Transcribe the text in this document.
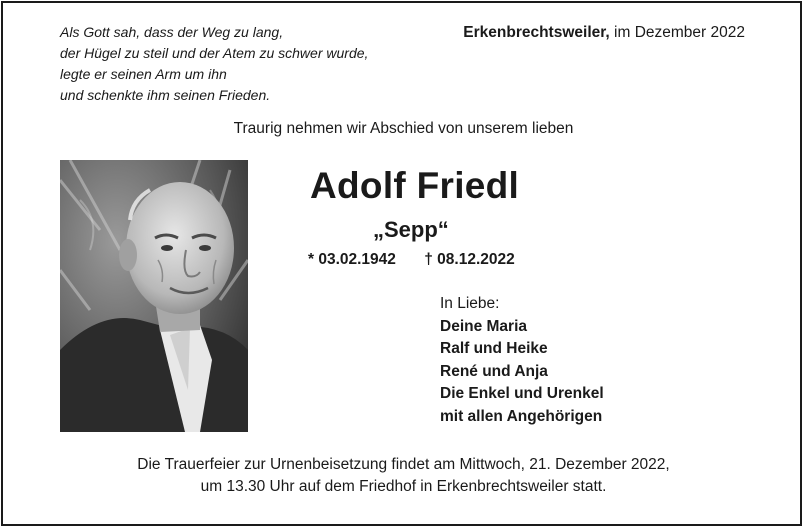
Als Gott sah, dass der Weg zu lang,
der Hügel zu steil und der Atem zu schwer wurde,
legte er seinen Arm um ihn
und schenkte ihm seinen Frieden.
Erkenbrechtsweiler, im Dezember 2022
Traurig nehmen wir Abschied von unserem lieben
Adolf Friedl
„Sepp“
* 03.02.1942 † 08.12.2022
In Liebe:
Deine Maria
Ralf und Heike
René und Anja
Die Enkel und Urenkel
mit allen Angehörigen
Die Trauerfeier zur Urnenbeisetzung findet am Mittwoch, 21. Dezember 2022,
um 13.30 Uhr auf dem Friedhof in Erkenbrechtsweiler statt.
